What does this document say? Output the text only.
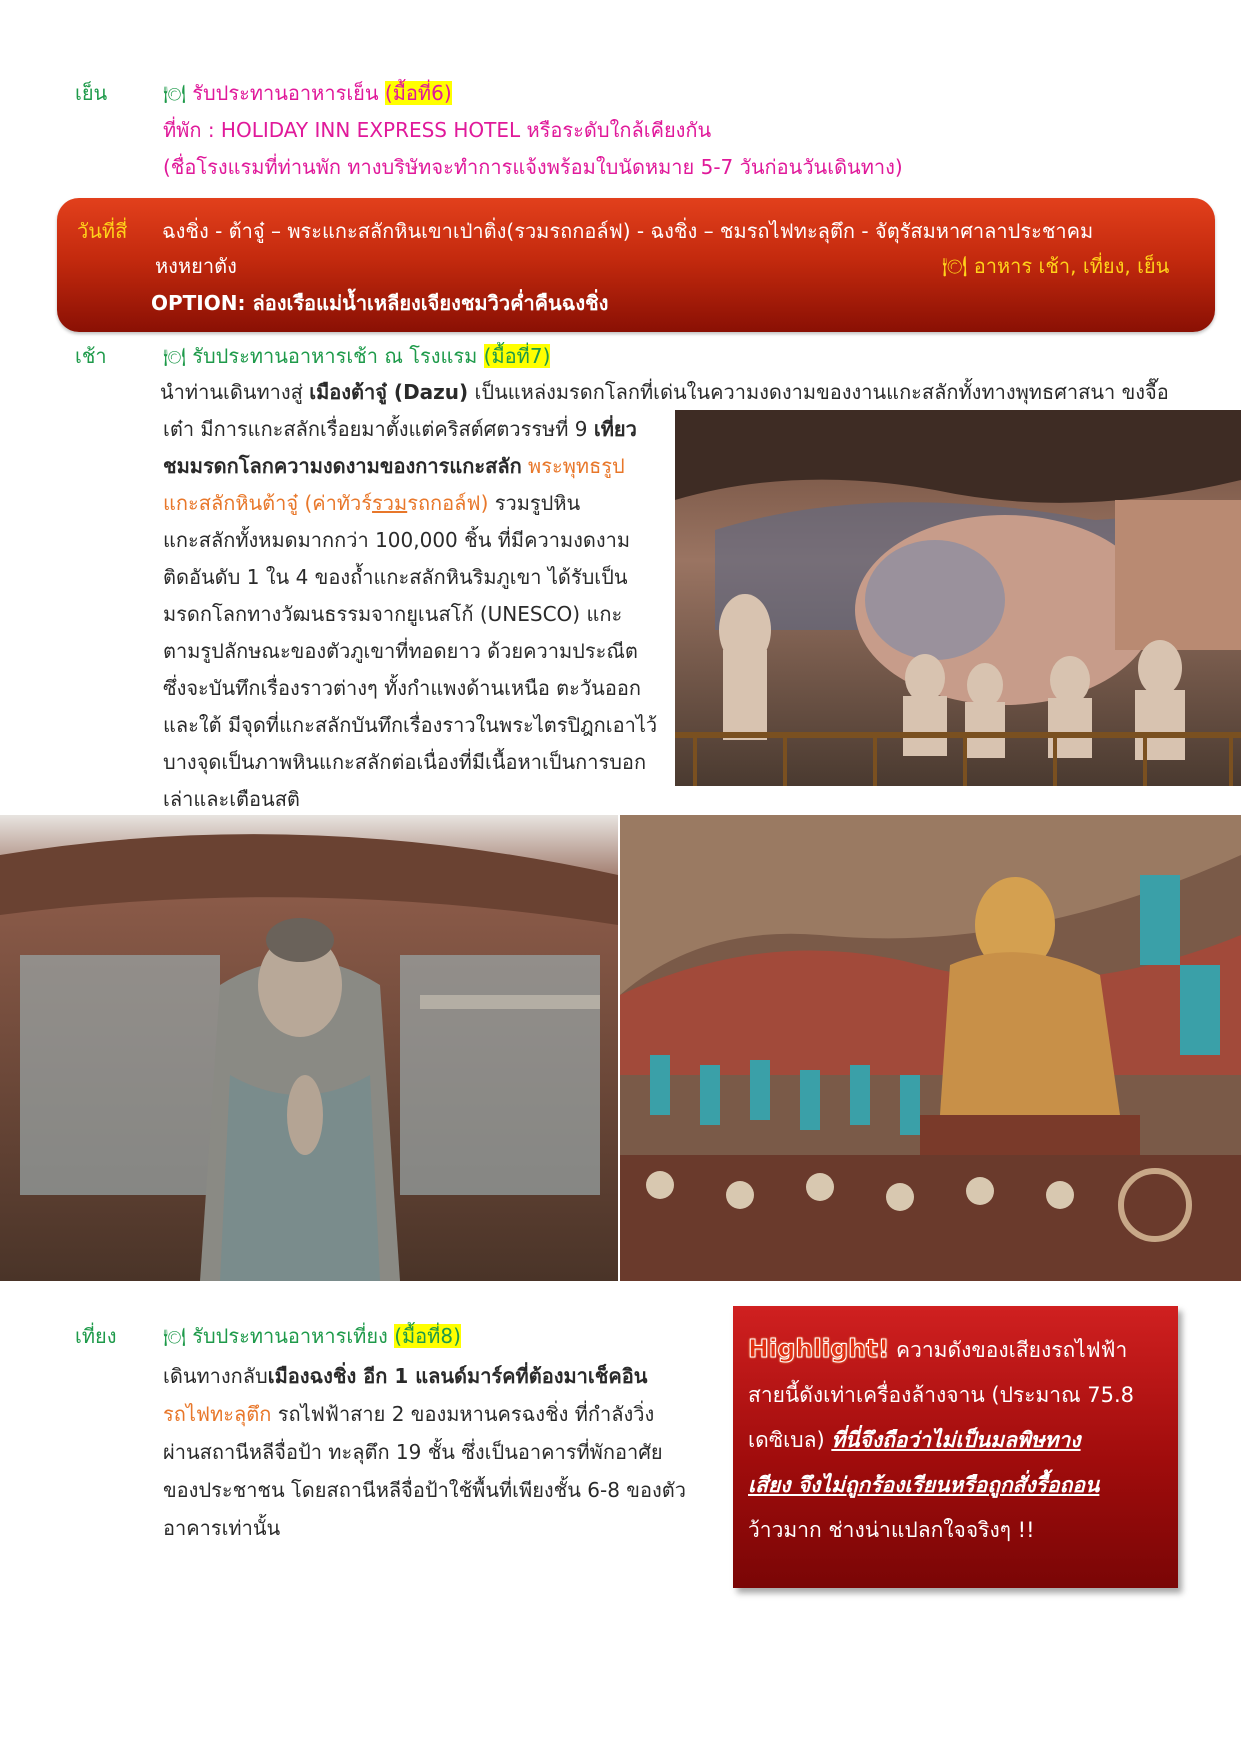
เย็น	🍽 รับประทานอาหารเย็น (มื้อที่6)
ที่พัก : HOLIDAY INN EXPRESS HOTEL หรือระดับใกล้เคียงกัน
(ชื่อโรงแรมที่ท่านพัก ทางบริษัทจะทำการแจ้งพร้อมใบนัดหมาย 5-7 วันก่อนวันเดินทาง)
วันที่สี่ ฉงชิ่ง - ต้าจู๋ – พระแกะสลักหินเขาเป่าติ่ง(รวมรถกอล์ฟ) - ฉงชิ่ง – ชมรถไฟทะลุตึก - จัตุรัสมหาศาลาประชาคม
หงหยาตัง	🍽 อาหาร เช้า, เที่ยง, เย็น
OPTION: ล่องเรือแม่น้ำเหลียงเจียงชมวิวค่ำคืนฉงชิ่ง
เช้า	🍽 รับประทานอาหารเช้า ณ โรงแรม (มื้อที่7)
นำท่านเดินทางสู่ เมืองต้าจู๋ (Dazu) เป็นแหล่งมรดกโลกที่เด่นในความงดงามของงานแกะสลักทั้งทางพุทธศาสนา ขงจื๊อ
เต๋า มีการแกะสลักเรื่อยมาตั้งแต่คริสต์ศตวรรษที่ 9 เที่ยว
ชมมรดกโลกความงดงามของการแกะสลัก พระพุทธรูป
แกะสลักหินต้าจู๋ (ค่าทัวร์รวมรถกอล์ฟ) รวมรูปหิน
แกะสลักทั้งหมดมากกว่า 100,000 ชิ้น ที่มีความงดงาม
ติดอันดับ 1 ใน 4 ของถ้ำแกะสลักหินริมภูเขา ได้รับเป็น
มรดกโลกทางวัฒนธรรมจากยูเนสโก้ (UNESCO) แกะ
ตามรูปลักษณะของตัวภูเขาที่ทอดยาว ด้วยความประณีต
ซึ่งจะบันทึกเรื่องราวต่างๆ ทั้งกำแพงด้านเหนือ ตะวันออก
และใต้ มีจุดที่แกะสลักบันทึกเรื่องราวในพระไตรปิฎกเอาไว้
บางจุดเป็นภาพหินแกะสลักต่อเนื่องที่มีเนื้อหาเป็นการบอก
เล่าและเตือนสติ
เที่ยง	🍽 รับประทานอาหารเที่ยง (มื้อที่8)
เดินทางกลับเมืองฉงชิ่ง อีก 1 แลนด์มาร์คที่ต้องมาเช็คอิน
รถไฟทะลุตึก รถไฟฟ้าสาย 2 ของมหานครฉงชิ่ง ที่กำลังวิ่ง
ผ่านสถานีหลีจื่อป้า ทะลุตึก 19 ชั้น ซึ่งเป็นอาคารที่พักอาศัย
ของประชาชน โดยสถานีหลีจื่อป้าใช้พื้นที่เพียงชั้น 6-8 ของตัว
อาคารเท่านั้น
Highlight! ความดังของเสียงรถไฟฟ้า
สายนี้ดังเท่าเครื่องล้างจาน (ประมาณ 75.8
เดซิเบล) ที่นี่จึงถือว่าไม่เป็นมลพิษทาง
เสียง จึงไม่ถูกร้องเรียนหรือถูกสั่งรื้อถอน
ว้าวมาก ช่างน่าแปลกใจจริงๆ !!
